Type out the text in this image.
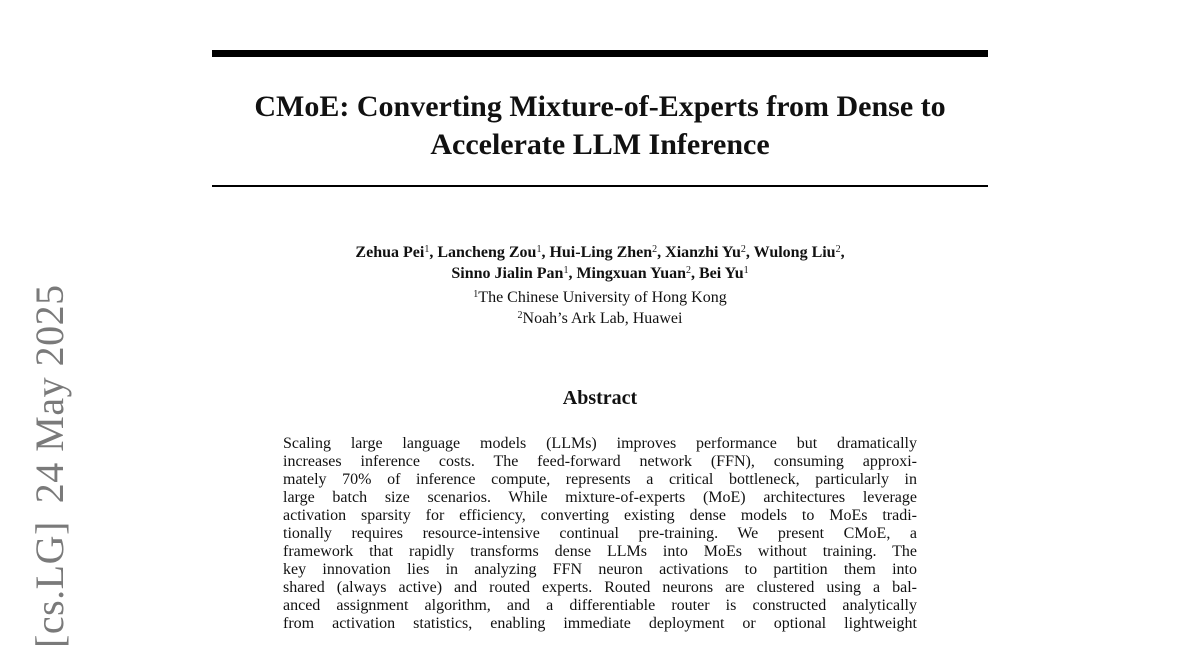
[cs.LG]24 May 2025
CMoE: Converting Mixture-of-Experts from Dense to
Accelerate LLM Inference
Zehua Pei$^1$, Lancheng Zou$^1$, Hui-Ling Zhen$^2$, Xianzhi Yu$^2$, Wulong Liu$^2$,
Sinno Jialin Pan$^1$, Mingxuan Yuan$^2$, Bei Yu$^1$
$^1$The Chinese University of Hong Kong
$^2$Noah’s Ark Lab, Huawei
Abstract
Scaling large language models (LLMs) improves performance but dramatically
increases inference costs. The feed-forward network (FFN), consuming approxi-
mately 70% of inference compute, represents a critical bottleneck, particularly in
large batch size scenarios. While mixture-of-experts (MoE) architectures leverage
activation sparsity for efficiency, converting existing dense models to MoEs tradi-
tionally requires resource-intensive continual pre-training. We present CMoE, a
framework that rapidly transforms dense LLMs into MoEs without training. The
key innovation lies in analyzing FFN neuron activations to partition them into
shared (always active) and routed experts. Routed neurons are clustered using a bal-
anced assignment algorithm, and a differentiable router is constructed analytically
from activation statistics, enabling immediate deployment or optional lightweight
